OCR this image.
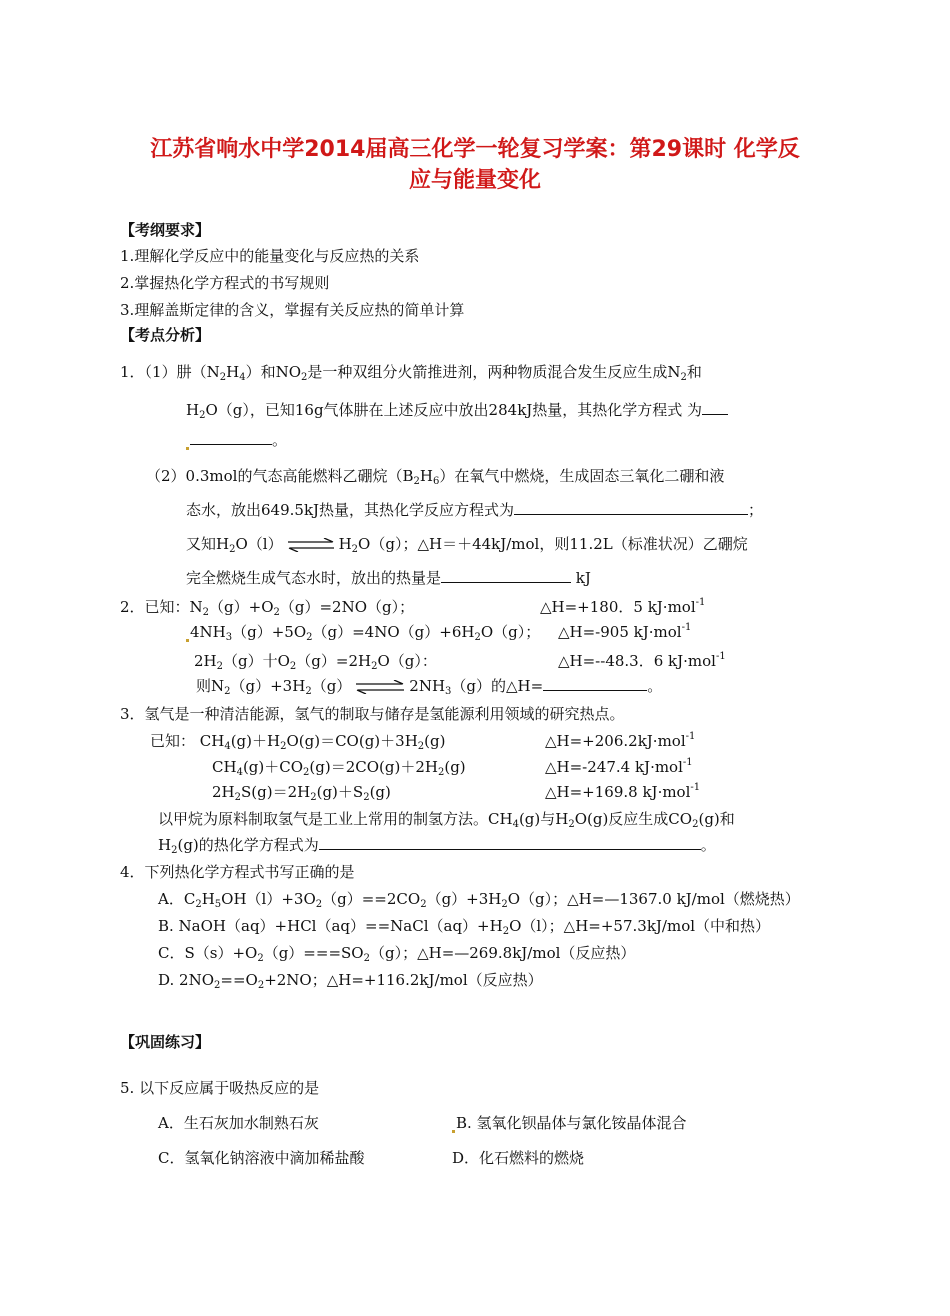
江苏省响水中学2014届高三化学一轮复习学案：第29课时 化学反
应与能量变化
【考纲要求】
1.理解化学反应中的能量变化与反应热的关系
2.掌握热化学方程式的书写规则
3.理解盖斯定律的含义，掌握有关反应热的简单计算
【考点分析】
1．（1）肼$(N_2H_4)$和$NO_2$是一种双组分火箭推进剂，两种物质混合发生反应生成$N_2$和
$H_2O(g)$，已知16g气体肼在上述反应中放出284kJ热量，其热化学方程式 为
。
（2）0.3mol的气态高能燃料乙硼烷$(B_2H_6)$在氧气中燃烧，生成固态三氧化二硼和液
态水，放出649.5kJ热量，其热化学反应方程式为	；
又知$H_2O(l)$ ⇌ $H_2O(g)$；△H＝＋44kJ/mol，则11.2L（标准状况）乙硼烷
完全燃烧生成气态水时，放出的热量是	kJ
2．已知：$N_2(g)+O_2(g)=2NO(g)$；	△H=+180．5 kJ·mol$^{-1}$
$4NH_3(g)+5O_2(g)=4NO(g)+6H_2O(g)$； △H=-905 kJ·mol$^{-1}$
$2H_2(g)$十$O_2(g)=2H_2O(g)$：	△H=--48.3．6 kJ·mol$^{-1}$
则$N_2(g)+3H_2(g)$ ⇌ $2NH_3(g)$的△H=	。
3．氢气是一种清洁能源，氢气的制取与储存是氢能源利用领域的研究热点。
已知： $CH_4(g)+H_2O(g)=CO(g)+3H_2(g)$	△H=+206.2kJ·mol$^{-1}$
$CH_4(g)+CO_2(g)=2CO(g)+2H_2(g)$	△H=-247.4 kJ·mol$^{-1}$
$2H_2S(g)=2H_2(g)+S_2(g)$	△H=+169.8 kJ·mol$^{-1}$
以甲烷为原料制取氢气是工业上常用的制氢方法。$CH_4(g)$与$H_2O(g)$反应生成$CO_2(g)$和
$H_2(g)$的热化学方程式为	。
4．下列热化学方程式书写正确的是
A．$C_2H_5OH(l)+3O_2(g)==2CO_2(g)+3H_2O(g)$；△H=—1367.0 kJ/mol（燃烧热）
B. $NaOH(aq)+HCl(aq)==NaCl(aq)+H_2O(l)$；△H=+57.3kJ/mol（中和热）
C．$S(s)+O_2(g)===SO_2(g)$；△H=—269.8kJ/mol（反应热）
D. $2NO_2==O_2+2NO$；△H=+116.2kJ/mol（反应热）
【巩固练习】
5. 以下反应属于吸热反应的是
A．生石灰加水制熟石灰	B. 氢氧化钡晶体与氯化铵晶体混合
C．氢氧化钠溶液中滴加稀盐酸	D．化石燃料的燃烧
